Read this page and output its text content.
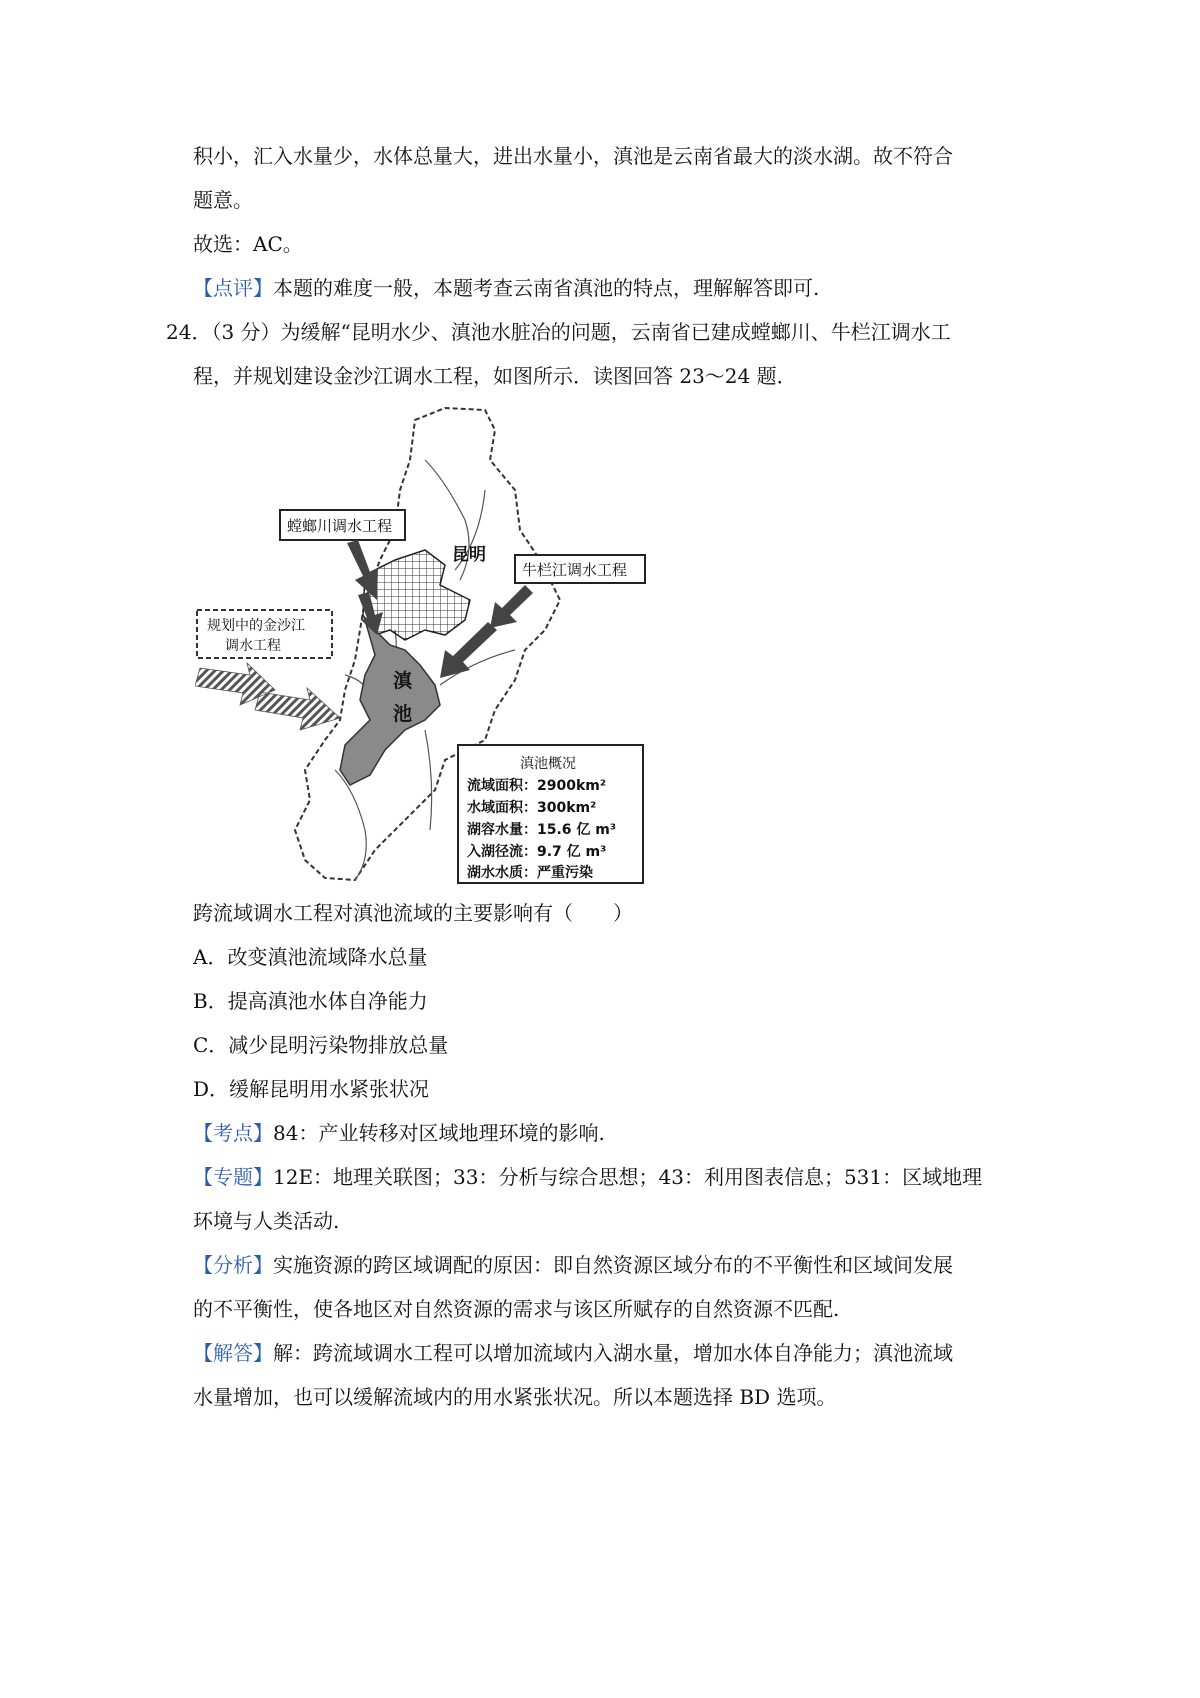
积小，汇入水量少，水体总量大，进出水量小，滇池是云南省最大的淡水湖。故不符合
题意。
故选：AC。
【点评】本题的难度一般，本题考查云南省滇池的特点，理解解答即可.
24．（3 分）为缓解“昆明水少、滇池水脏冶的问题，云南省已建成螳螂川、牛栏江调水工
程，并规划建设金沙江调水工程，如图所示．读图回答 23～24 题．
昆明
滇
池
螳螂川调水工程
牛栏江调水工程
规划中的金沙江
调水工程
滇池概况
流域面积：2900km²
水域面积：300km²
湖容水量：15.6 亿 m³
入湖径流：9.7 亿 m³
湖水水质：严重污染
跨流域调水工程对滇池流域的主要影响有（　　）
A．改变滇池流域降水总量
B．提高滇池水体自净能力
C．减少昆明污染物排放总量
D．缓解昆明用水紧张状况
【考点】84：产业转移对区域地理环境的影响.
【专题】12E：地理关联图；33：分析与综合思想；43：利用图表信息；531：区域地理
环境与人类活动.
【分析】实施资源的跨区域调配的原因：即自然资源区域分布的不平衡性和区域间发展
的不平衡性，使各地区对自然资源的需求与该区所赋存的自然资源不匹配.
【解答】解：跨流域调水工程可以增加流域内入湖水量，增加水体自净能力；滇池流域
水量增加，也可以缓解流域内的用水紧张状况。所以本题选择 BD 选项。
